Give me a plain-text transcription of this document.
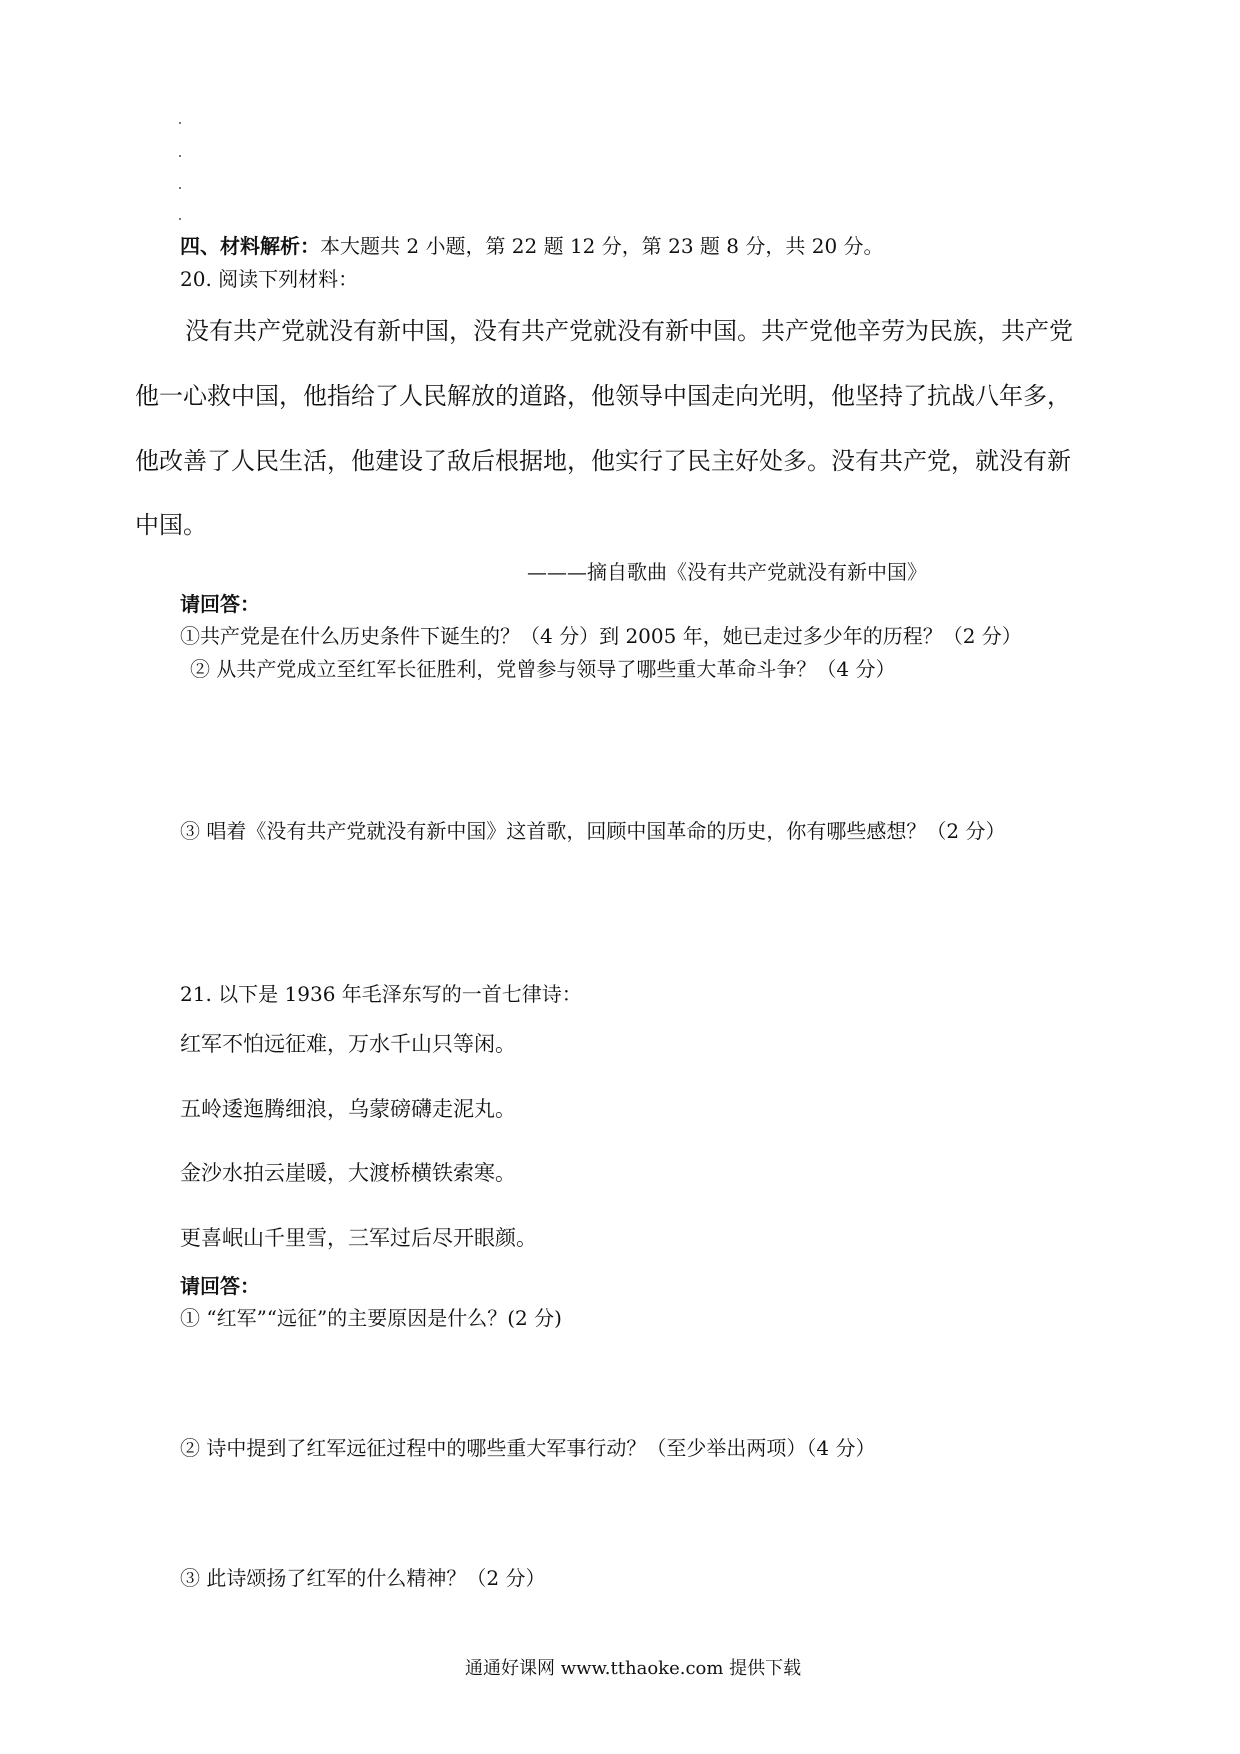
四、材料解析：本大题共 2 小题，第 22 题 12 分，第 23 题 8 分，共 20 分。
20. 阅读下列材料：
没有共产党就没有新中国，没有共产党就没有新中国。共产党他辛劳为民族，共产党
他一心救中国，他指给了人民解放的道路，他领导中国走向光明，他坚持了抗战八年多，
他改善了人民生活，他建设了敌后根据地，他实行了民主好处多。没有共产党，就没有新
中国。
———摘自歌曲《没有共产党就没有新中国》
请回答：
①共产党是在什么历史条件下诞生的？（4 分）到 2005 年，她已走过多少年的历程？（2 分）
② 从共产党成立至红军长征胜利，党曾参与领导了哪些重大革命斗争？（4 分）
③ 唱着《没有共产党就没有新中国》这首歌，回顾中国革命的历史，你有哪些感想？（2 分）
21. 以下是 1936 年毛泽东写的一首七律诗：
红军不怕远征难，万水千山只等闲。
五岭逶迤腾细浪，乌蒙磅礴走泥丸。
金沙水拍云崖暖，大渡桥横铁索寒。
更喜岷山千里雪，三军过后尽开眼颜。
请回答：
① “红军”“远征”的主要原因是什么？(2 分)
② 诗中提到了红军远征过程中的哪些重大军事行动？（至少举出两项）（4 分）
③ 此诗颂扬了红军的什么精神？（2 分）
通通好课网 www.tthaoke.com 提供下载
